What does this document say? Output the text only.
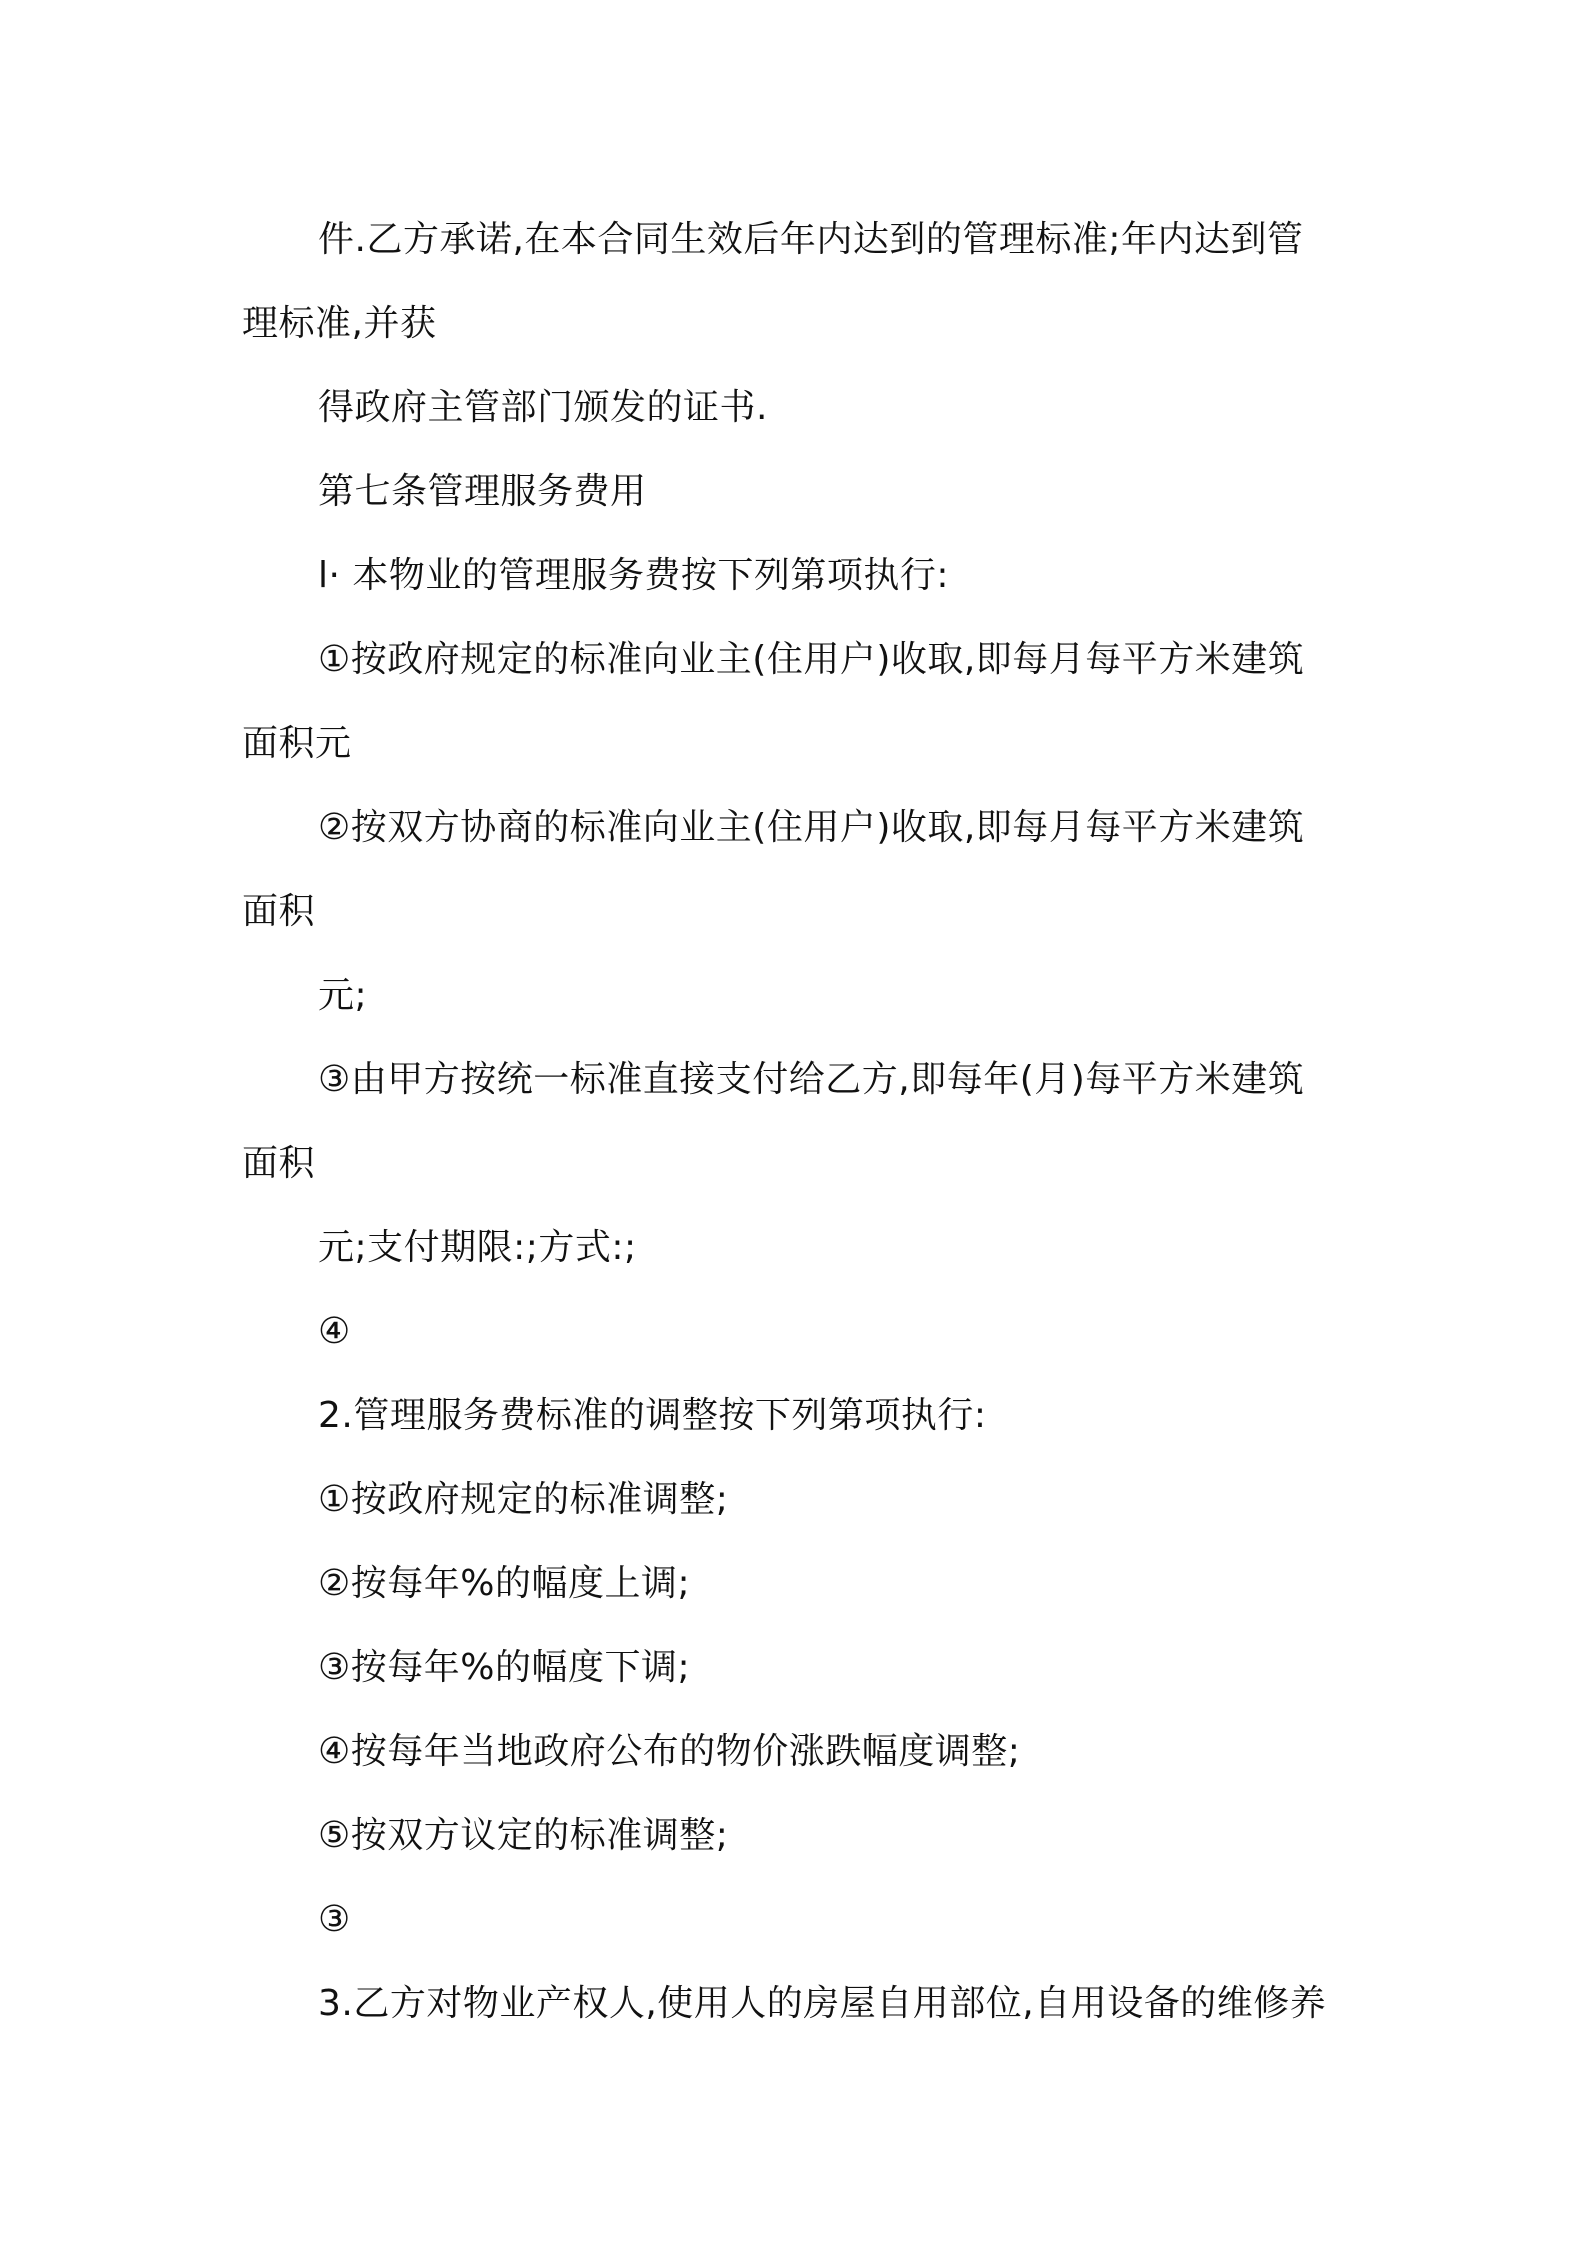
件.乙方承诺,在本合同生效后年内达到的管理标准;年内达到管
理标准,并获
得政府主管部门颁发的证书.
第七条管理服务费用
l· 本物业的管理服务费按下列第项执行:
①按政府规定的标准向业主(住用户)收取,即每月每平方米建筑
面积元
②按双方协商的标准向业主(住用户)收取,即每月每平方米建筑
面积
元;
③由甲方按统一标准直接支付给乙方,即每年(月)每平方米建筑
面积
元;支付期限:;方式:;
④
2.管理服务费标准的调整按下列第项执行:
①按政府规定的标准调整;
②按每年%的幅度上调;
③按每年%的幅度下调;
④按每年当地政府公布的物价涨跌幅度调整;
⑤按双方议定的标准调整;
③
3.乙方对物业产权人,使用人的房屋自用部位,自用设备的维修养
